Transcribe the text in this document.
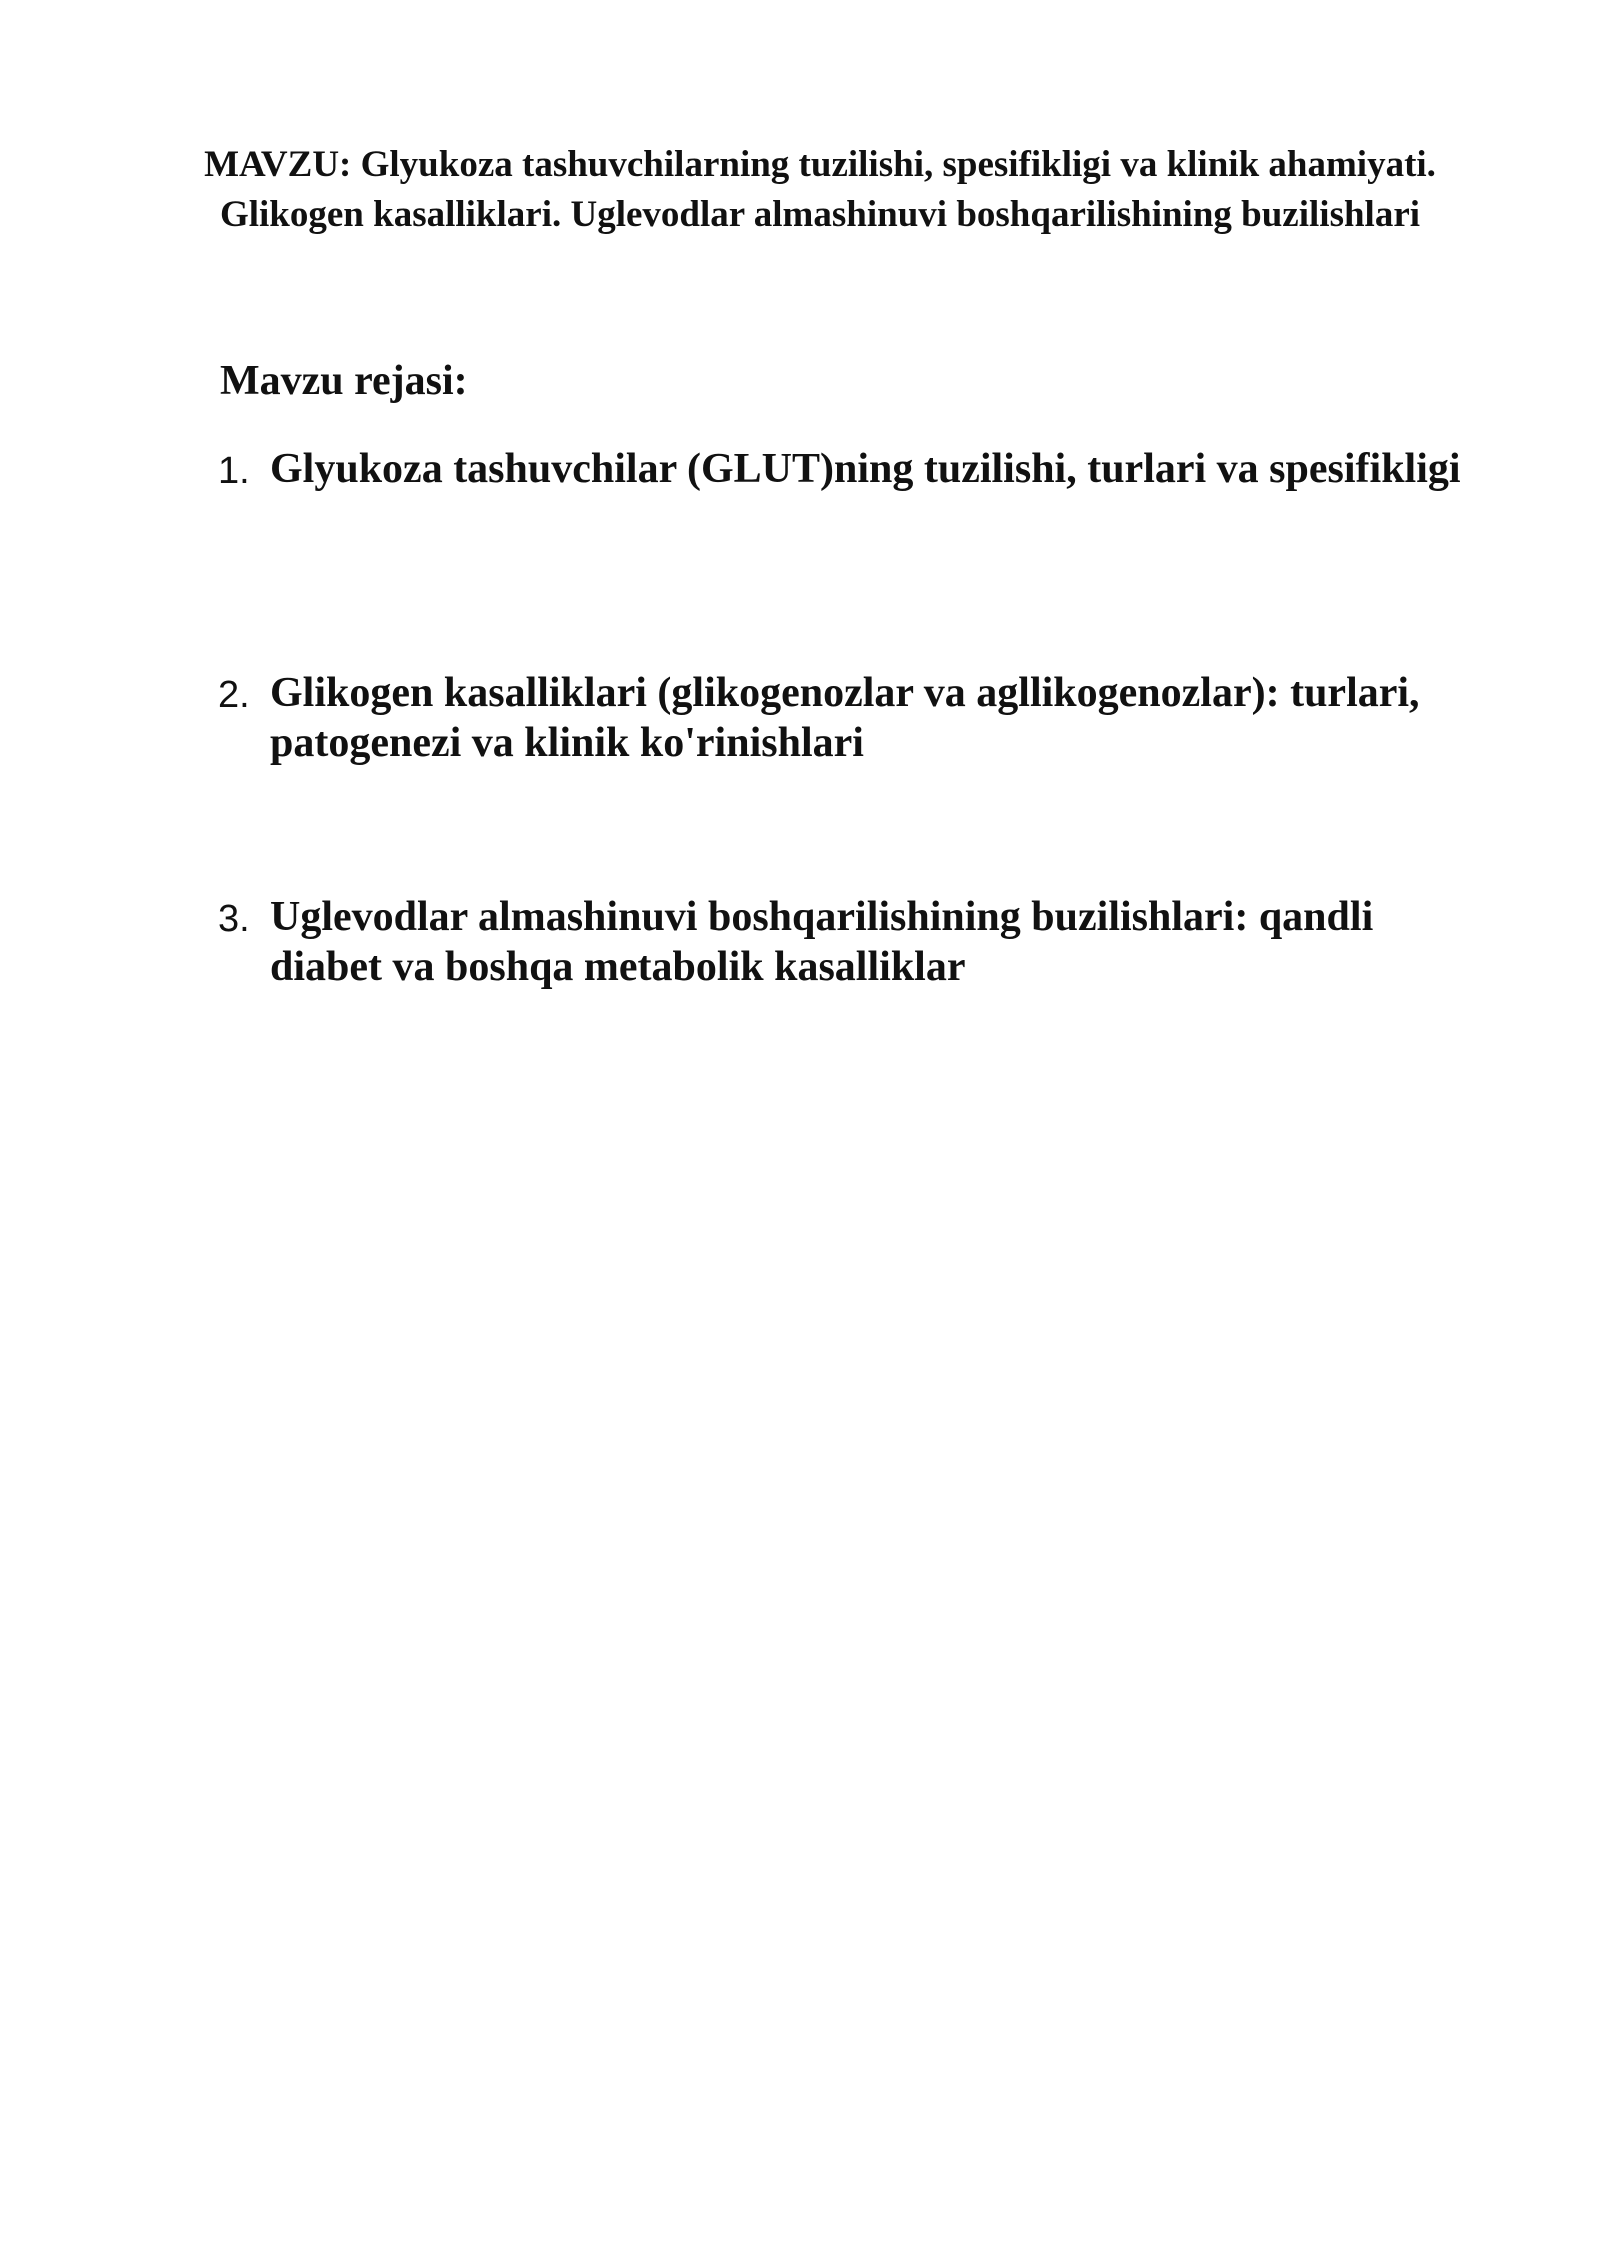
MAVZU: Glyukoza tashuvchilarning tuzilishi, spesifikligi va klinik ahamiyati.
Glikogen kasalliklari. Uglevodlar almashinuvi boshqarilishining buzilishlari
Mavzu rejasi:
1. Glyukoza tashuvchilar (GLUT)ning tuzilishi, turlari va spesifikligi
2. Glikogen kasalliklari (glikogenozlar va agllikogenozlar): turlari, patogenezi va klinik ko'rinishlari
3. Uglevodlar almashinuvi boshqarilishining buzilishlari: qandli diabet va boshqa metabolik kasalliklar
